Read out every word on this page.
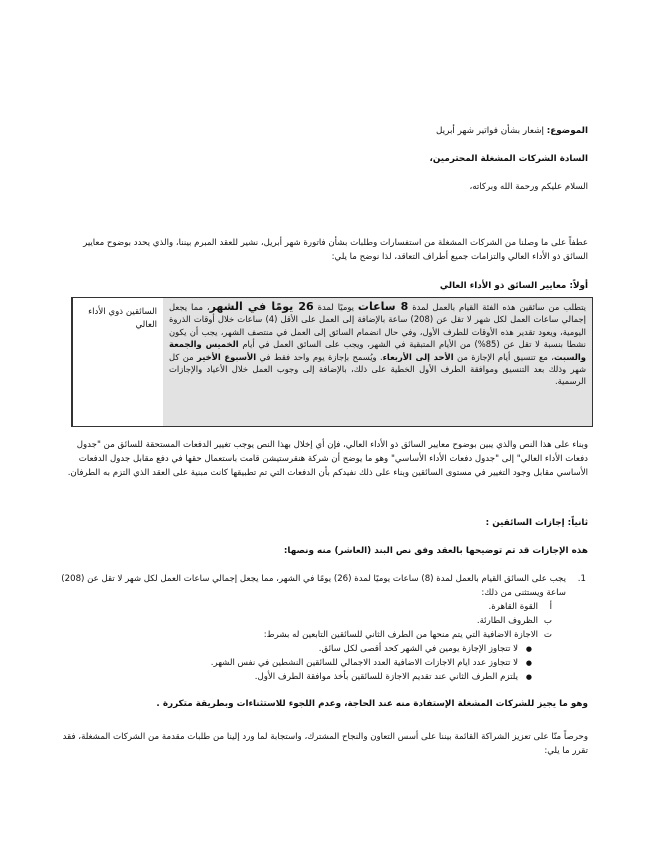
الموضوع: إشعار بشأن فواتير شهر أبريل
السادة الشركات المشغلة المحترمين،
السلام عليكم ورحمة الله وبركاته،
عطفاً على ما وصلنا من الشركات المشغلة من استفسارات وطلبات بشأن فاتورة شهر أبريل، نشير للعقد المبرم بيننا، والذي يحدد بوضوح معايير السائق ذو الأداء العالي والتزامات جميع أطراف التعاقد، لذا نوضح ما يلي:
أولاً: معايير السائق ذو الأداء العالي
السائقين ذوي الأداء العالي
يتطلب من سائقين هذه الفئة القيام بالعمل لمدة 8 ساعات يوميًا لمدة 26 يومًا في الشهر، مما يجعل إجمالي ساعات العمل لكل شهر لا تقل عن (208) ساعة بالإضافة إلى العمل على الأقل (4) ساعات خلال أوقات الذروة اليومية، ويعود تقدير هذه الأوقات للطرف الأول، وفي حال انضمام السائق إلى العمل في منتصف الشهر، يجب أن يكون نشطا بنسبة لا تقل عن (85%) من الأيام المتبقية في الشهر، ويجب على السائق العمل في أيام الخميس والجمعة والسبت، مع تنسيق أيام الإجازة من الأحد إلى الأربعاء. ويُسمح بإجازة يوم واحد فقط في الأسبوع الأخير من كل شهر وذلك بعد التنسيق وموافقة الطرف الأول الخطية على ذلك، بالإضافة إلى وجوب العمل خلال الأعياد والإجازات الرسمية.
وبناء على هذا النص والذي يبين بوضوح معايير السائق ذو الأداء العالي، فإن أي إخلال بهذا النص يوجب تغيير الدفعات المستحقة للسائق من "جدول دفعات الأداء العالي" إلى "جدول دفعات الأداء الأساسي" وهو ما يوضح أن شركة هنقرستيشن قامت باستعمال حقها في دفع مقابل جدول الدفعات الأساسي مقابل وجود التغيير في مستوى السائقين وبناء على ذلك نفيدكم بأن الدفعات التي تم تطبيقها كانت مبنية على العقد الذي التزم به الطرفان.
ثانياً: إجازات السائقين :
هذه الإجازات قد تم توضيحها بالعقد وفق نص البند (العاشر) منه ونصها:
1.
يجب على السائق القيام بالعمل لمدة (8) ساعات يوميًا لمدة (26) يومًا في الشهر، مما يجعل إجمالي ساعات العمل لكل شهر لا تقل عن (208) ساعة ويستثنى من ذلك:
أ
القوة القاهرة.
ب
الظروف الطارئة.
ت
الاجازة الاضافية التي يتم منحها من الطرف الثاني للسائقين التابعين له بشرط:
●
لا تتجاوز الإجازة يومين في الشهر كحد أقصى لكل سائق.
●
لا تتجاوز عدد ايام الاجازات الاضافية العدد الاجمالي للسائقين النشطين في نفس الشهر.
●
يلتزم الطرف الثاني عند تقديم الاجازة للسائقين بأخذ موافقة الطرف الأول.
وهو ما يجيز للشركات المشغلة الإستفادة منه عند الحاجة، وعدم اللجوء للاستثناءات وبطريقة متكررة .
وحرصاً منّا على تعزيز الشراكة القائمة بيننا على أسس التعاون والنجاح المشترك، واستجابة لما ورد إلينا من طلبات مقدمة من الشركات المشغلة، فقد تقرر ما يلي:
